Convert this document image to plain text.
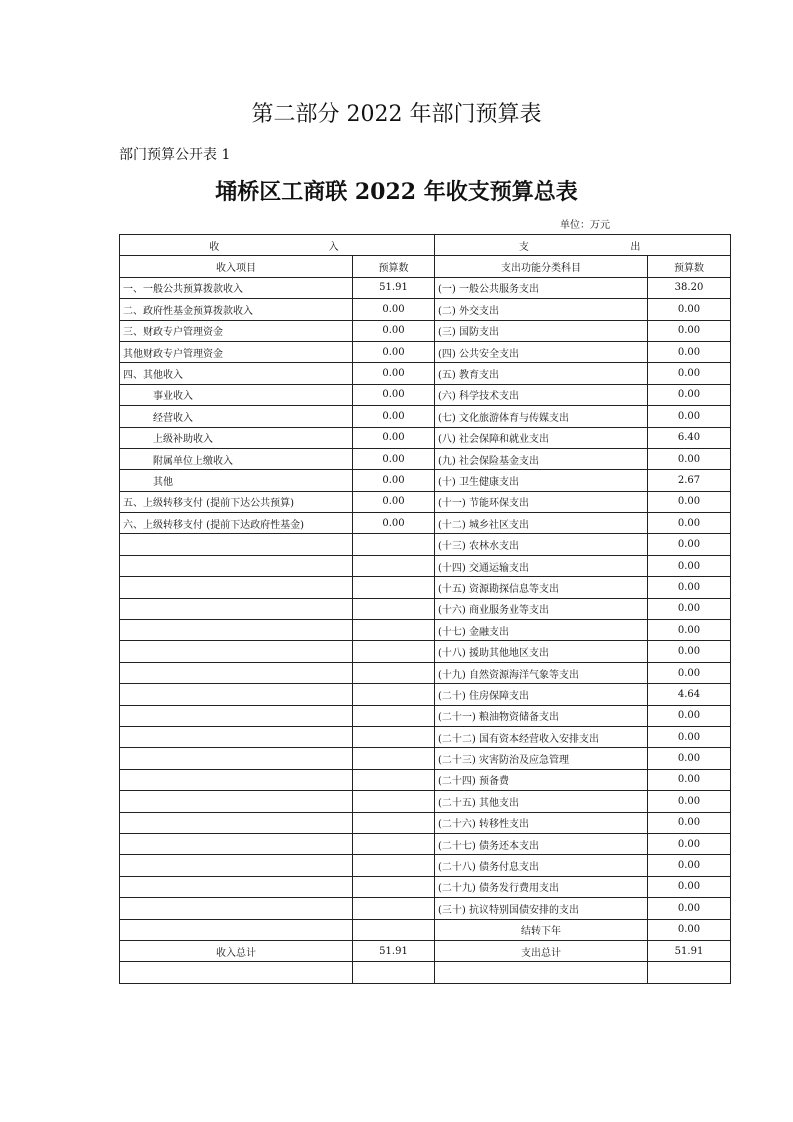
第二部分 2022 年部门预算表
部门预算公开表 1
埇桥区工商联 2022 年收支预算总表
单位：万元
收 入		支 出	

收入项目	预算数	支出功能分类科目	预算数
一、一般公共预算拨款收入	51.91	(一) 一般公共服务支出	38.20
二、政府性基金预算拨款收入	0.00	(二) 外交支出	0.00
三、财政专户管理资金	0.00	(三) 国防支出	0.00
其他财政专户管理资金	0.00	(四) 公共安全支出	0.00
四、其他收入	0.00	(五) 教育支出	0.00
事业收入	0.00	(六) 科学技术支出	0.00
经营收入	0.00	(七) 文化旅游体育与传媒支出	0.00
上级补助收入	0.00	(八) 社会保障和就业支出	6.40
附属单位上缴收入	0.00	(九) 社会保险基金支出	0.00
其他	0.00	(十) 卫生健康支出	2.67
五、上级转移支付 (提前下达公共预算)	0.00	(十一) 节能环保支出	0.00
六、上级转移支付 (提前下达政府性基金)	0.00	(十二) 城乡社区支出	0.00
		(十三) 农林水支出	0.00
		(十四) 交通运输支出	0.00
		(十五) 资源勘探信息等支出	0.00
		(十六) 商业服务业等支出	0.00
		(十七) 金融支出	0.00
		(十八) 援助其他地区支出	0.00
		(十九) 自然资源海洋气象等支出	0.00
		(二十) 住房保障支出	4.64
		(二十一) 粮油物资储备支出	0.00
		(二十二) 国有资本经营收入安排支出	0.00
		(二十三) 灾害防治及应急管理	0.00
		(二十四) 预备费	0.00
		(二十五) 其他支出	0.00
		(二十六) 转移性支出	0.00
		(二十七) 债务还本支出	0.00
		(二十八) 债务付息支出	0.00
		(二十九) 债务发行费用支出	0.00
		(三十) 抗议特别国债安排的支出	0.00
		结转下年	0.00
收入总计	51.91	支出总计	51.91
